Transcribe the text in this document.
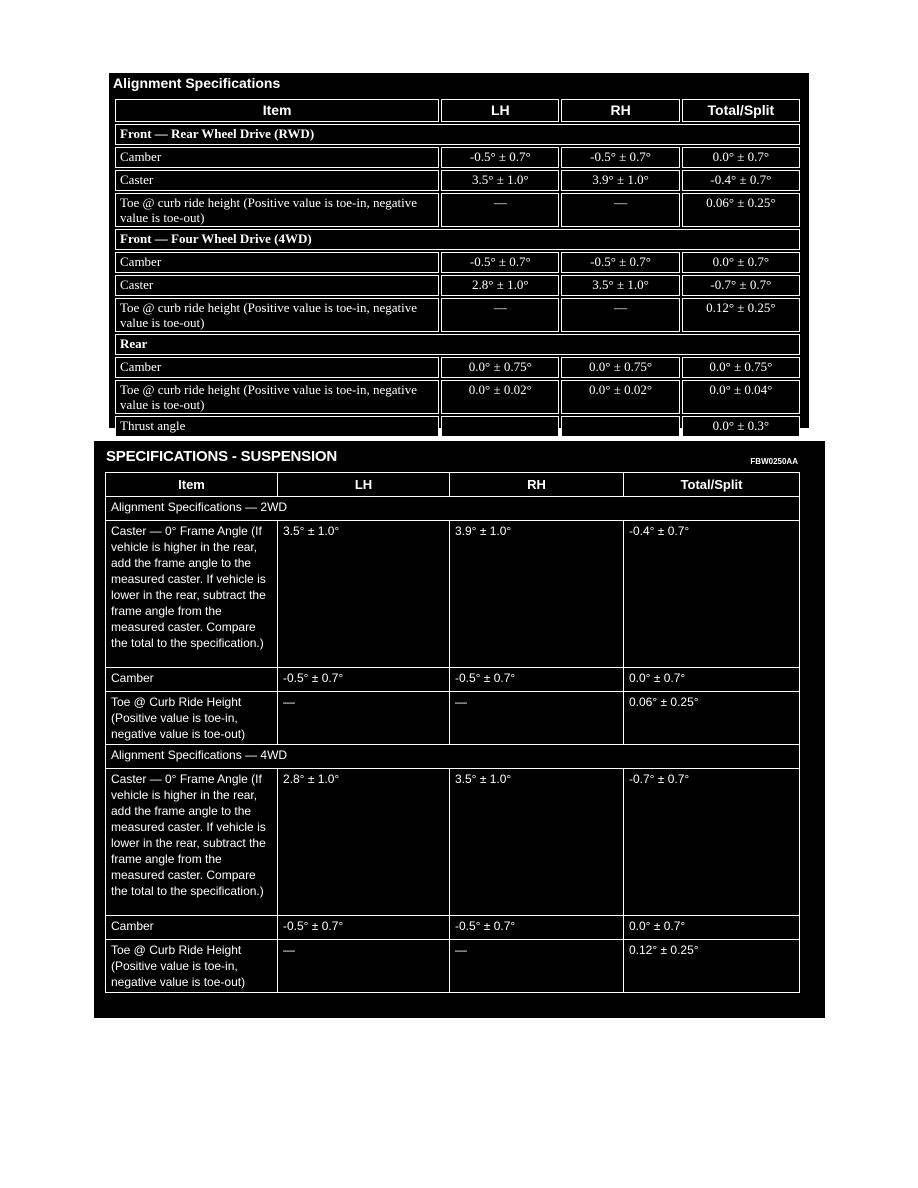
Alignment Specifications
Item	LH	RH	Total/Split
Front — Rear Wheel Drive (RWD)			
Camber	-0.5° ± 0.7°	-0.5° ± 0.7°	0.0° ± 0.7°
Caster	3.5° ± 1.0°	3.9° ± 1.0°	-0.4° ± 0.7°
Toe @ curb ride height (Positive value is toe-in, negative value is toe-out)	—	—	0.06° ± 0.25°
Front — Four Wheel Drive (4WD)			
Camber	-0.5° ± 0.7°	-0.5° ± 0.7°	0.0° ± 0.7°
Caster	2.8° ± 1.0°	3.5° ± 1.0°	-0.7° ± 0.7°
Toe @ curb ride height (Positive value is toe-in, negative value is toe-out)	—	—	0.12° ± 0.25°
Rear			
Camber	0.0° ± 0.75°	0.0° ± 0.75°	0.0° ± 0.75°
Toe @ curb ride height (Positive value is toe-in, negative value is toe-out)	0.0° ± 0.02°	0.0° ± 0.02°	0.0° ± 0.04°
Thrust angle			0.0° ± 0.3°
SPECIFICATIONS - SUSPENSION	FBW0250AA
Item	LH	RH	Total/Split
Alignment Specifications — 2WD			
Caster — 0° Frame Angle (If vehicle is higher in the rear, add the frame angle to the measured caster. If vehicle is lower in the rear, subtract the frame angle from the measured caster. Compare the total to the specification.)	3.5° ± 1.0°	3.9° ± 1.0°	-0.4° ± 0.7°
Camber	-0.5° ± 0.7°	-0.5° ± 0.7°	0.0° ± 0.7°
Toe @ Curb Ride Height (Positive value is toe-in, negative value is toe-out)	—	—	0.06° ± 0.25°
Alignment Specifications — 4WD			
Caster — 0° Frame Angle (If vehicle is higher in the rear, add the frame angle to the measured caster. If vehicle is lower in the rear, subtract the frame angle from the measured caster. Compare the total to the specification.)	2.8° ± 1.0°	3.5° ± 1.0°	-0.7° ± 0.7°
Camber	-0.5° ± 0.7°	-0.5° ± 0.7°	0.0° ± 0.7°
Toe @ Curb Ride Height (Positive value is toe-in, negative value is toe-out)	—	—	0.12° ± 0.25°
